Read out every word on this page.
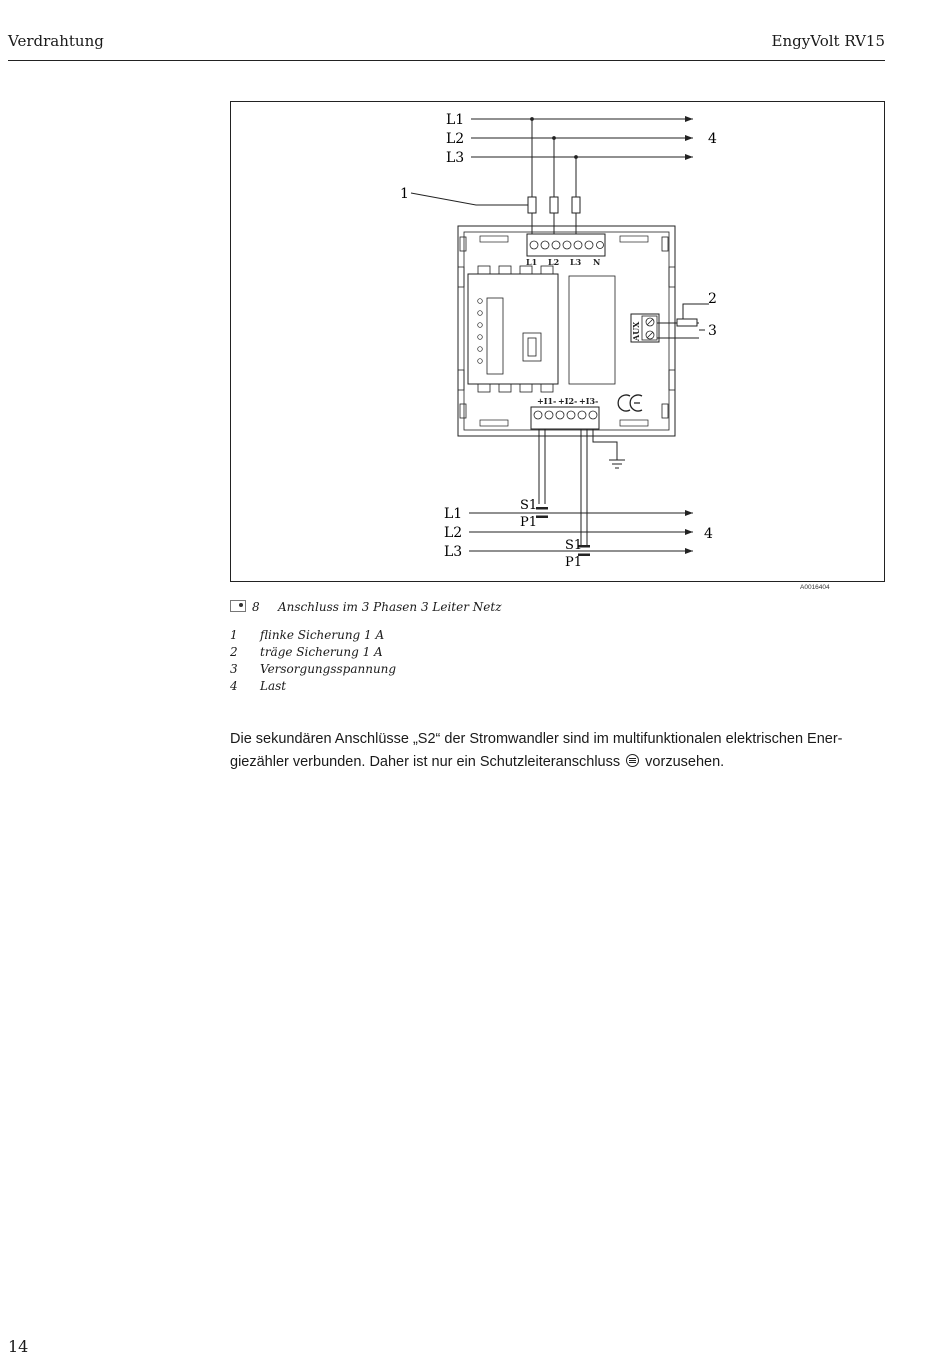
Verdrahtung	EngyVolt RV15
L1
L2
L3
1
2
3
4
4
L1 L2 L3 N
+I1- +I2- +I3-
AUX
L1
L2
L3
S1
P1
S1
P1
A0016404
8 Anschluss im 3 Phasen 3 Leiter Netz
1	flinke Sicherung 1 A
2	träge Sicherung 1 A
3	Versorgungsspannung
4	Last
Die sekundären Anschlüsse „S2“ der Stromwandler sind im multifunktionalen elektrischen Ener-giezähler verbunden. Daher ist nur ein Schutzleiteranschluss vorzusehen.
14
